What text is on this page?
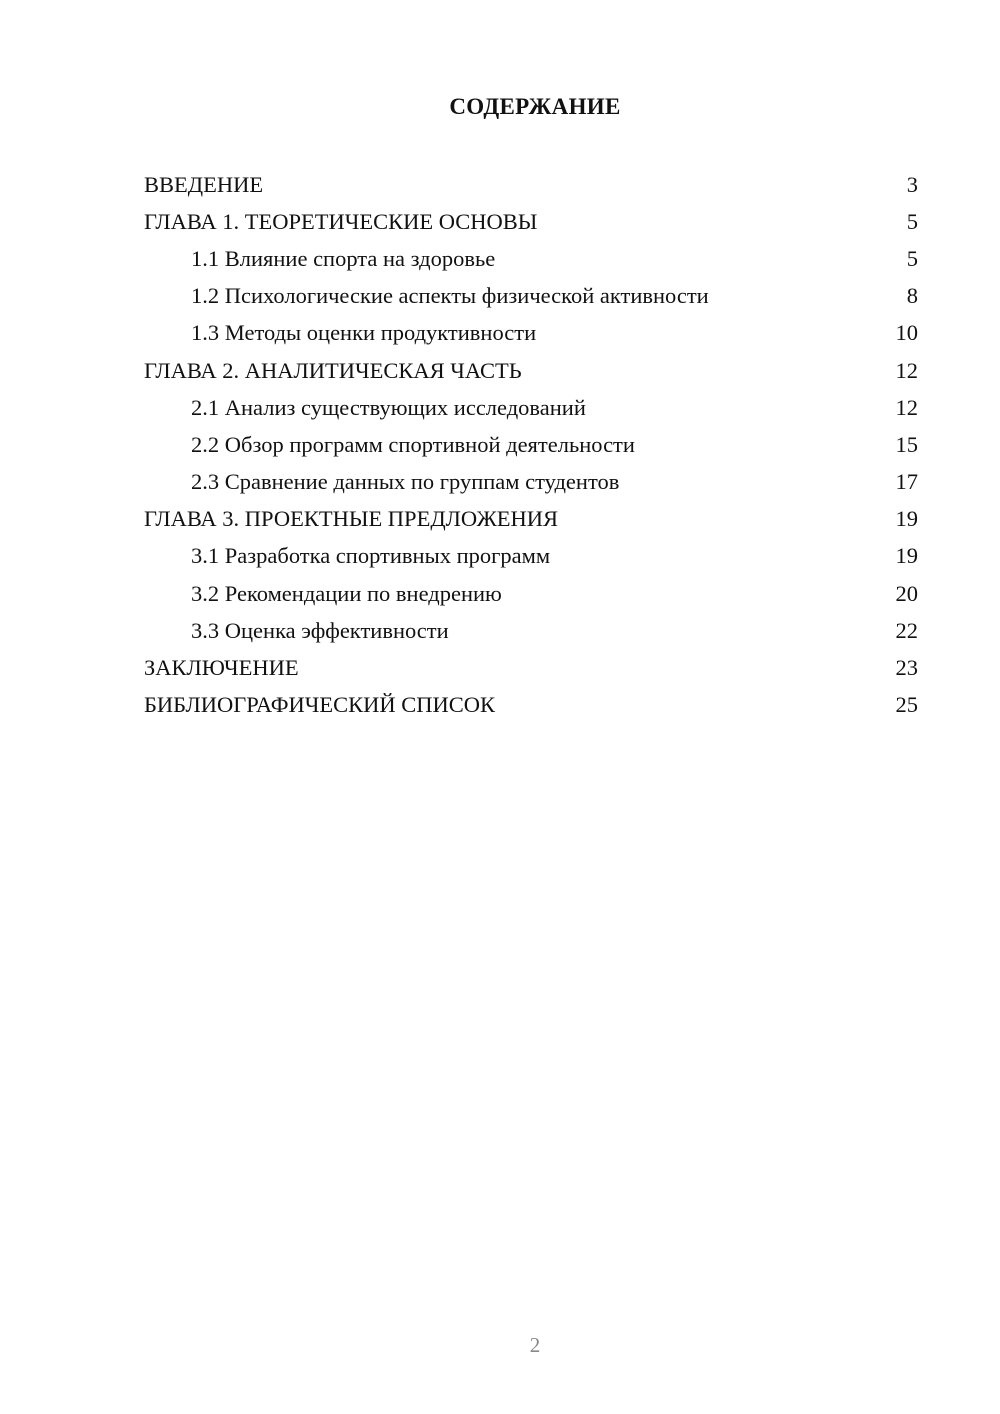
СОДЕРЖАНИЕ
ВВЕДЕНИЕ	3
ГЛАВА 1. ТЕОРЕТИЧЕСКИЕ ОСНОВЫ	5
1.1 Влияние спорта на здоровье	5
1.2 Психологические аспекты физической активности	8
1.3 Методы оценки продуктивности	10
ГЛАВА 2. АНАЛИТИЧЕСКАЯ ЧАСТЬ	12
2.1 Анализ существующих исследований	12
2.2 Обзор программ спортивной деятельности	15
2.3 Сравнение данных по группам студентов	17
ГЛАВА 3. ПРОЕКТНЫЕ ПРЕДЛОЖЕНИЯ	19
3.1 Разработка спортивных программ	19
3.2 Рекомендации по внедрению	20
3.3 Оценка эффективности	22
ЗАКЛЮЧЕНИЕ	23
БИБЛИОГРАФИЧЕСКИЙ СПИСОК	25
2
